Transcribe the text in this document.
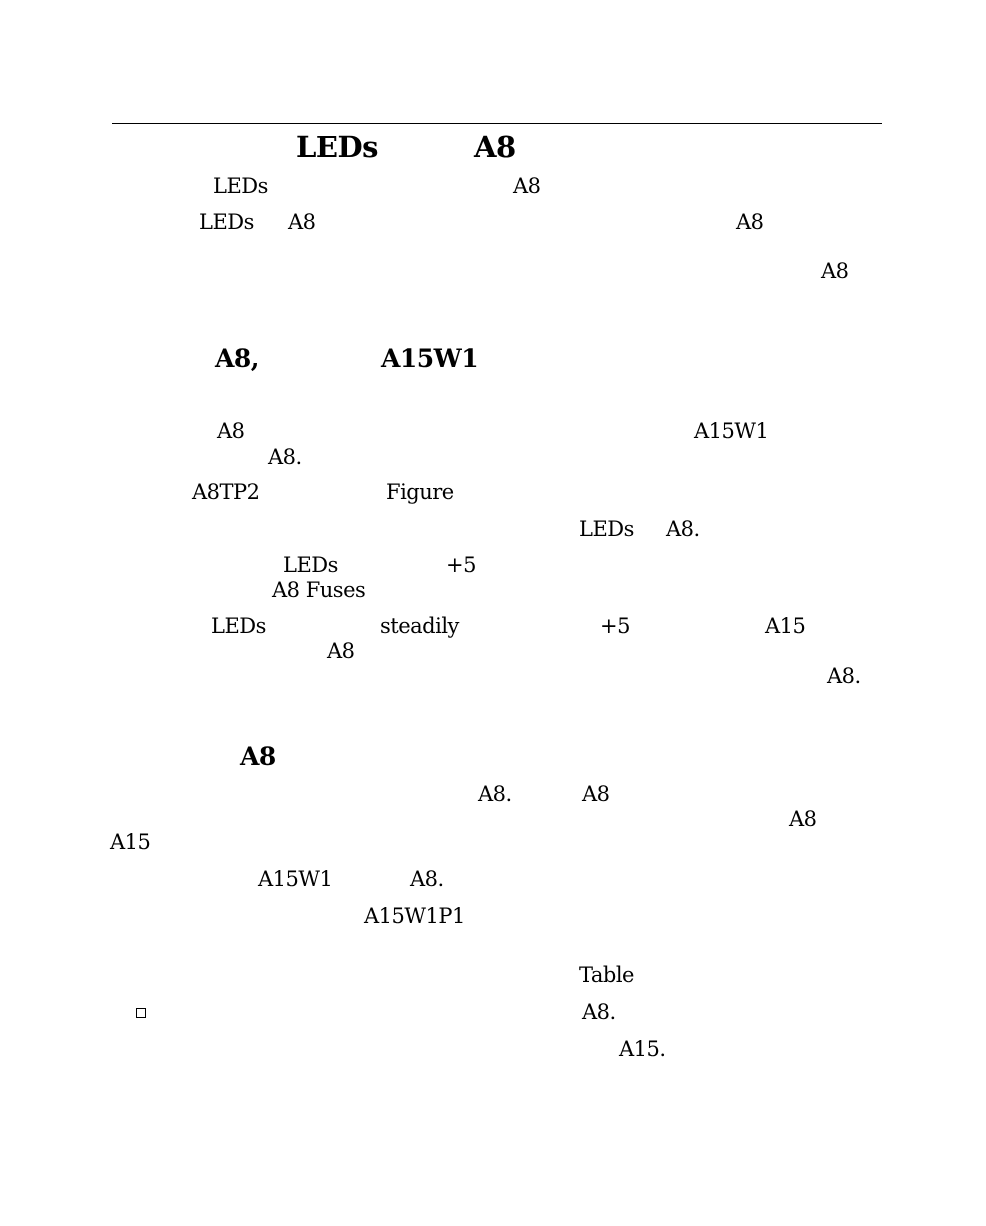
LEDs	A8
LEDs	A8
LEDs A8	A8
A8
A8,	A15W1
A8	A15W1
A8.
A8TP2	Figure
LEDs A8.
LEDs	+5
A8 Fuses
LEDs	steadily	+5	A15
A8
A8.
A8
A8.	A8
A8
A15
A15W1	A8.
A15W1P1
Table
A8.
A15.
